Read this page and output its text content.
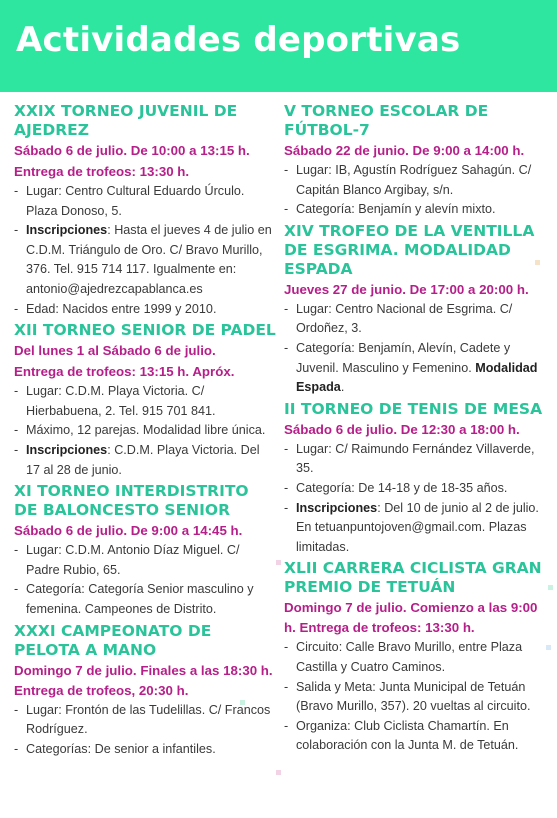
Actividades deportivas
XXIX TORNEO JUVENIL DE AJEDREZ
Sábado 6 de julio. De 10:00 a 13:15 h.
Entrega de trofeos: 13:30 h.
- Lugar: Centro Cultural Eduardo Úrculo. Plaza Donoso, 5.
- Inscripciones: Hasta el jueves 4 de julio en C.D.M. Triángulo de Oro. C/ Bravo Murillo, 376. Tel. 915 714 117. Igualmente en: antonio@ajedrezcapablanca.es
- Edad: Nacidos entre 1999 y 2010.
XII TORNEO SENIOR DE PADEL
Del lunes 1 al Sábado 6 de julio.
Entrega de trofeos: 13:15 h. Apróx.
- Lugar: C.D.M. Playa Victoria. C/ Hierbabuena, 2. Tel. 915 701 841.
- Máximo, 12 parejas. Modalidad libre única.
- Inscripciones: C.D.M. Playa Victoria. Del 17 al 28 de junio.
XI TORNEO INTERDISTRITO DE BALONCESTO SENIOR
Sábado 6 de julio. De 9:00 a 14:45 h.
- Lugar: C.D.M. Antonio Díaz Miguel. C/ Padre Rubio, 65.
- Categoría: Categoría Senior masculino y femenina. Campeones de Distrito.
XXXI CAMPEONATO DE PELOTA A MANO
Domingo 7 de julio. Finales a las 18:30 h. Entrega de trofeos, 20:30 h.
- Lugar: Frontón de las Tudelillas. C/ Francos Rodríguez.
- Categorías: De senior a infantiles.
V TORNEO ESCOLAR DE FÚTBOL-7
Sábado 22 de junio. De 9:00 a 14:00 h.
- Lugar: IB, Agustín Rodríguez Sahagún. C/ Capitán Blanco Argibay, s/n.
- Categoría: Benjamín y alevín mixto.
XIV TROFEO DE LA VENTILLA DE ESGRIMA. MODALIDAD ESPADA
Jueves 27 de junio. De 17:00 a 20:00 h.
- Lugar: Centro Nacional de Esgrima. C/ Ordoñez, 3.
- Categoría: Benjamín, Alevín, Cadete y Juvenil. Masculino y Femenino. Modalidad Espada.
II TORNEO DE TENIS DE MESA
Sábado 6 de julio. De 12:30 a 18:00 h.
- Lugar: C/ Raimundo Fernández Villaverde, 35.
- Categoría: De 14-18 y de 18-35 años.
- Inscripciones: Del 10 de junio al 2 de julio. En tetuanpuntojoven@gmail.com. Plazas limitadas.
XLII CARRERA CICLISTA GRAN PREMIO DE TETUÁN
Domingo 7 de julio. Comienzo a las 9:00 h. Entrega de trofeos: 13:30 h.
- Circuito: Calle Bravo Murillo, entre Plaza Castilla y Cuatro Caminos.
- Salida y Meta: Junta Municipal de Tetuán (Bravo Murillo, 357). 20 vueltas al circuito.
- Organiza: Club Ciclista Chamartín. En colaboración con la Junta M. de Tetuán.
